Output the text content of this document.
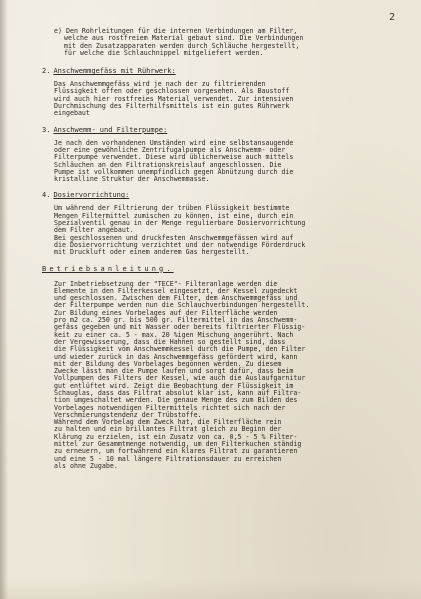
2

e) Den Rohrleitungen für die internen Verbindungen am Filter,

welche aus rostfreiem Material gebaut sind. Die Verbindungen

mit den Zusatzapparaten werden durch Schläuche hergestellt,

für welche die Schlauchnippel mitgeliefert werden.

2. Anschwemmgefäss mit Rührwerk:

Das Anschwemmgefäss wird je nach der zu filtrierenden

Flüssigkeit offen oder geschlossen vorgesehen. Als Baustoff

wird auch hier rostfreies Material verwendet. Zur intensiven

Durchmischung des Filterhilfsmittels ist ein gutes Rührwerk

eingebaut

3. Anschwemm- und Filterpumpe:

Je nach den vorhandenen Umständen wird eine selbstansaugende

oder eine gewöhnliche Zentrifugalpumpe als Anschwemm- oder

Filterpumpe verwendet. Diese wird üblicherweise auch mittels

Schläuchen an den Filtrationskreislauf angeschlossen. Die

Pumpe ist vollkommen unempfindlich gegen Abnützung durch die

kristalline Struktur der Anschwemmasse.

4. Dosiervorrichtung:

Um während der Filtrierung der trüben Flüssigkeit bestimmte

Mengen Filtermittel zumischen zu können, ist eine, durch ein

Spezialventil genau in der Menge regulierbare Dosiervorrichtung

dem Filter angebaut.

Bei geschlossenen und druckfesten Anschwemmgefässen wird auf

die Dosiervorrichtung verzichtet und der notwendige Förderdruck

mit Druckluft oder einem anderem Gas hergestellt.

Betriebsanleitung.

Zur Inbetriebsetzung der "TECE"- Filteranlage werden die

Elemente in den Filterkessel eingesetzt, der Kessel zugedeckt

und geschlossen. Zwischen dem Filter, dem Anschwemmgefäss und

der Filterpumpe werden nun die Schlauchverbindungen hergestellt.

Zur Bildung eines Vorbelages auf der Filterfläche werden

pro m2 ca. 250 gr. bis 500 gr. Filtermittel in das Anschwemm-

gefäss gegeben und mit Wasser oder bereits filtrierter Flüssig-

keit zu einer ca. 5 - max. 20 %igen Mischung angerührt. Nach

der Vergewisserung, dass die Hahnen so gestellt sind, dass

die Flüssigkeit vom Anschwemmkessel durch die Pumpe, den Filter

und wieder zurück in das Anschwemmgefäss gefördert wird, kann

mit der Bildung des Vorbelages begonnen werden. Zu diesem

Zwecke lässt man die Pumpe laufen und sorgt dafür, dass beim

Vollpumpen des Filters der Kessel, wie auch die Auslaufgarnitur

gut entlüftet wird. Zeigt die Beobachtung der Flüssigkeit im

Schauglas, dass das Filtrat absolut klar ist, kann auf Filtra-

tion umgeschaltet werden. Die genaue Menge des zum Bilden des

Vorbelages notwendigen Filtermittels richtet sich nach der

Verschmierungstendenz der Trübstoffe.

Während dem Vorbelag dem Zweck hat, die Filterfläche rein

zu halten und ein brillantes Filtrat gleich zu Beginn der

Klärung zu erzielen, ist ein Zusatz von ca. 0,5 - 5 % Filter-

mittel zur Gesammtmenge notwendig, um den Filterkuchen ständig

zu erneuern, um fortwährend ein klares Filtrat zu garantieren

und eine 5 - 10 mal längere Filtrationsdauer zu erreichen

als ohne Zugabe.
